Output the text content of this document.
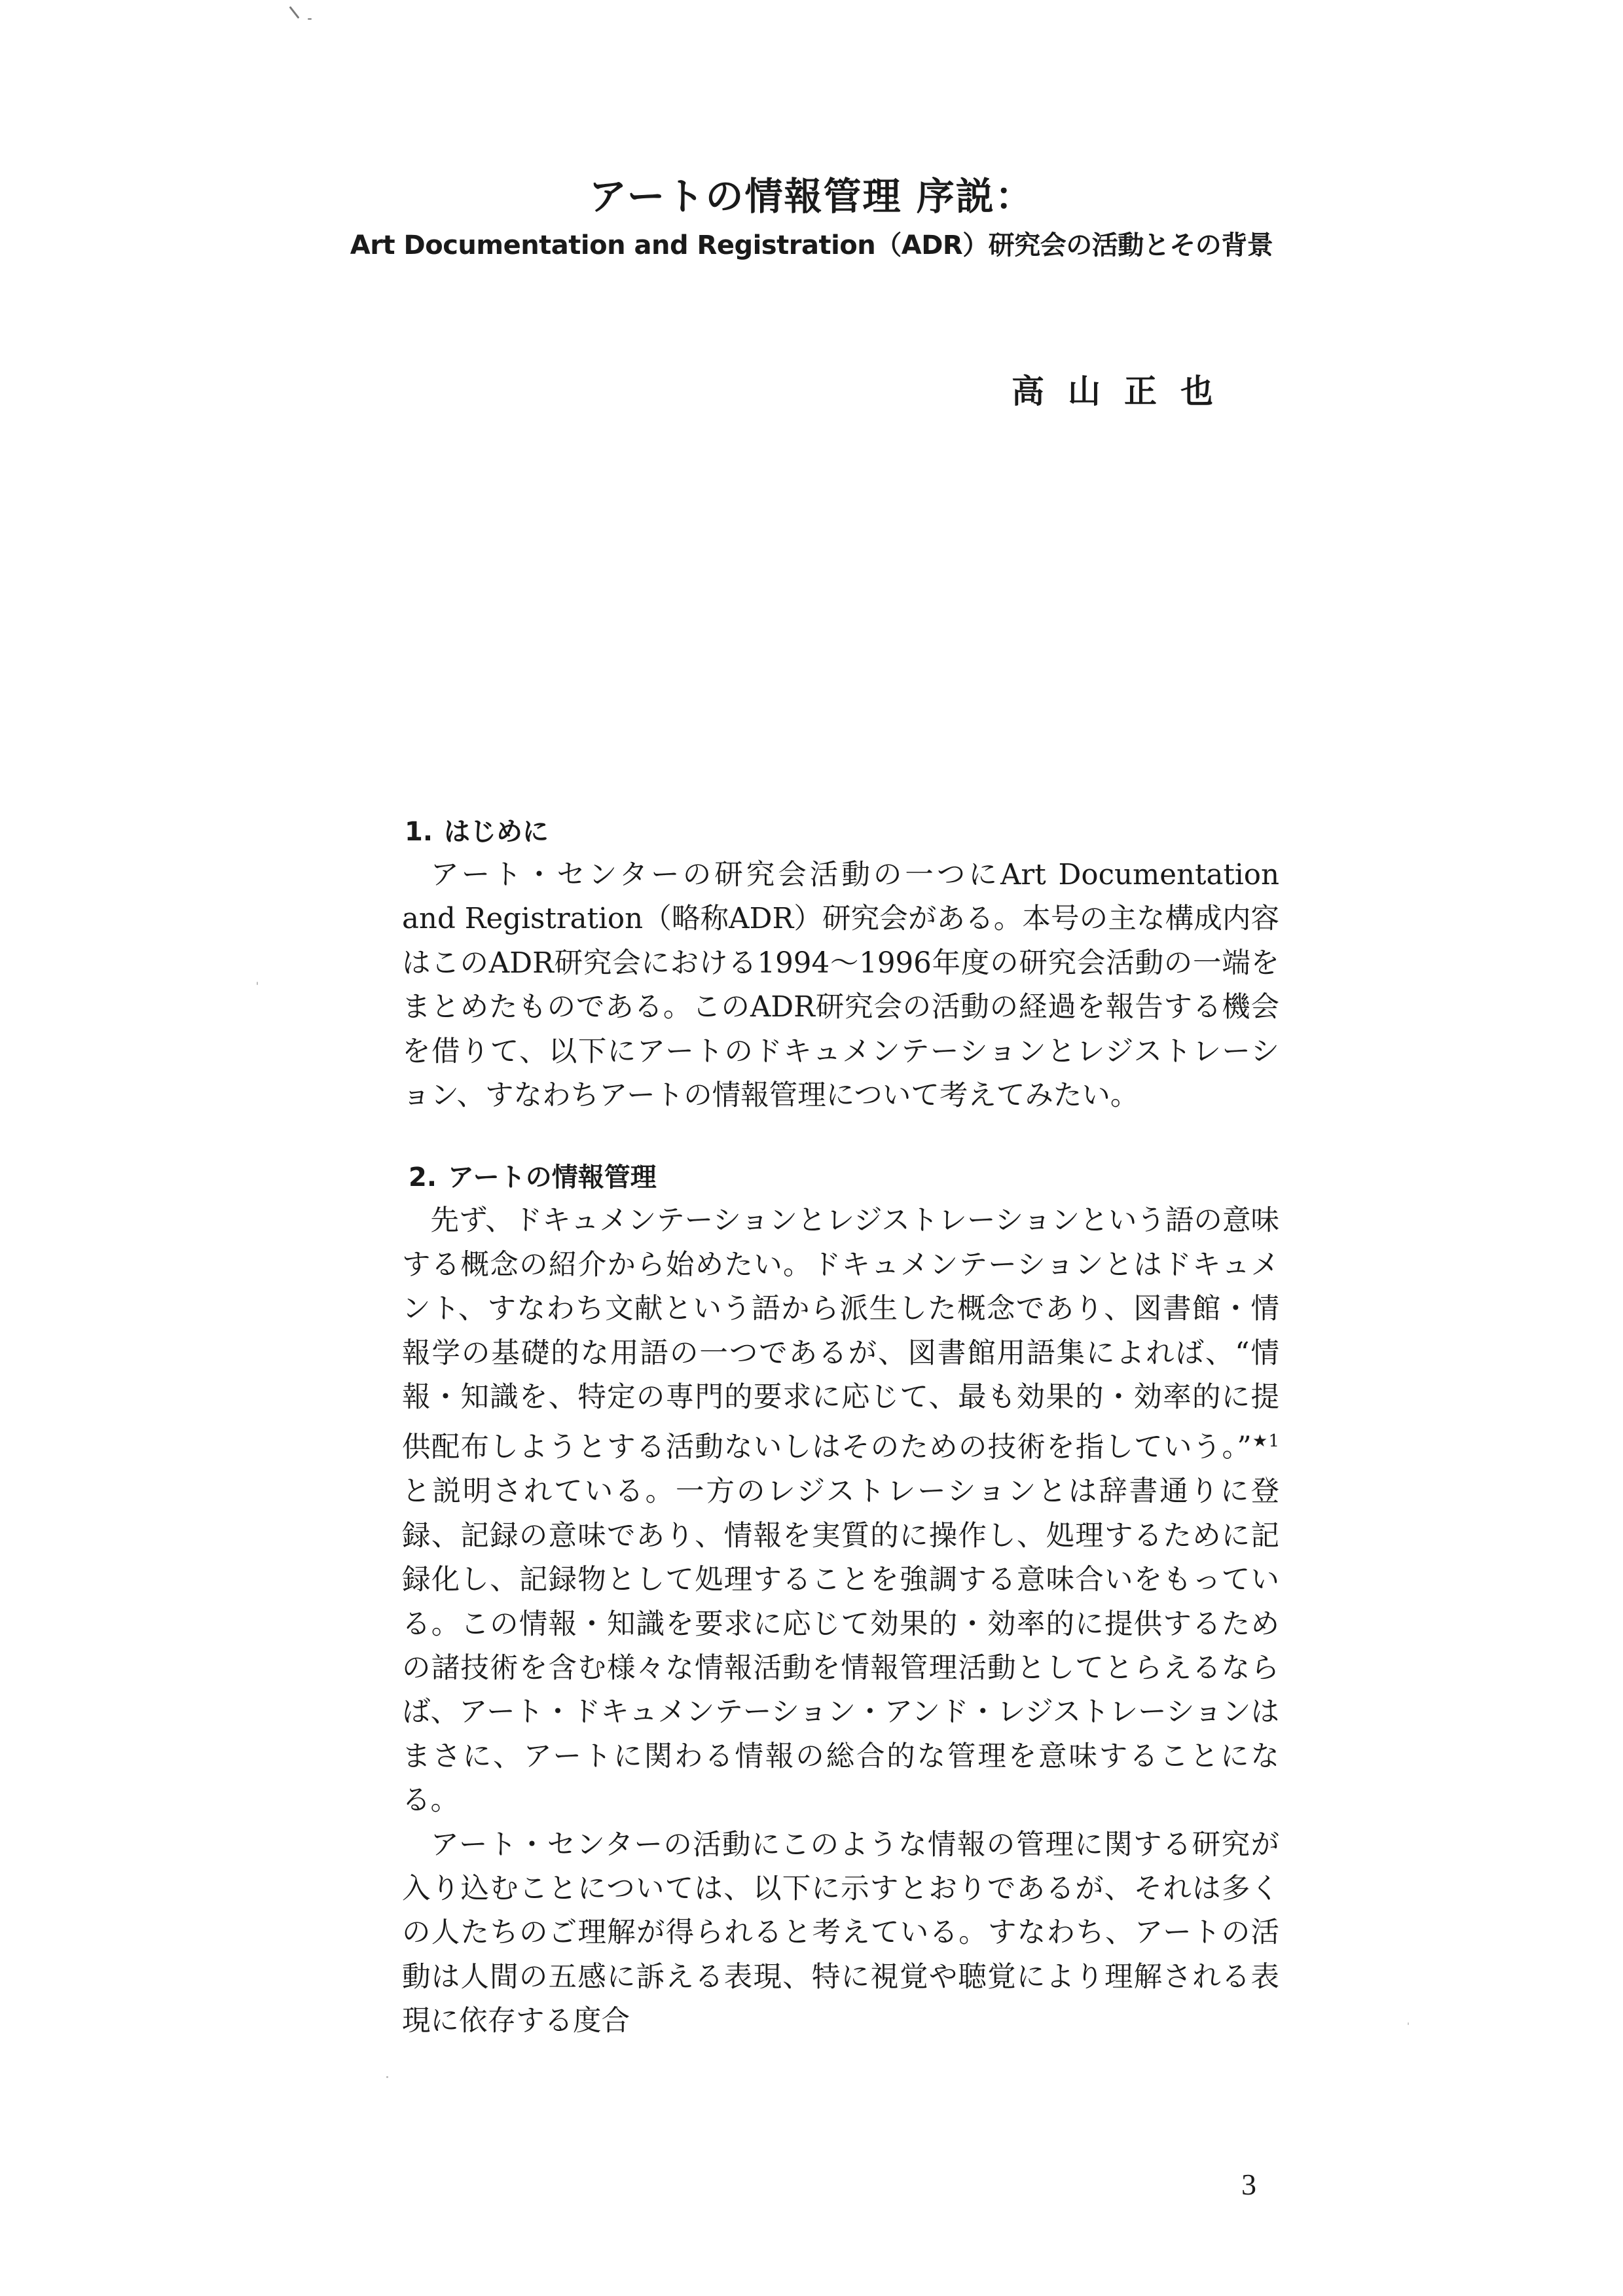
アートの情報管理 序説：

Art Documentation and Registration（ADR）研究会の活動とその背景

高山正也
1. はじめに

アート・センターの研究会活動の一つにArt Documentation and Registration（略称ADR）研究会がある。本号の主な構成内容はこのADR研究会における1994〜1996年度の研究会活動の一端をまとめたものである。このADR研究会の活動の経過を報告する機会を借りて、以下にアートのドキュメンテーションとレジストレーション、すなわちアートの情報管理について考えてみたい。

2. アートの情報管理

先ず、ドキュメンテーションとレジストレーションという語の意味する概念の紹介から始めたい。ドキュメンテーションとはドキュメント、すなわち文献という語から派生した概念であり、図書館・情報学の基礎的な用語の一つであるが、図書館用語集によれば、“情報・知識を、特定の専門的要求に応じて、最も効果的・効率的に提供配布しようとする活動ないしはそのための技術を指していう。”$^{★1}$と説明されている。一方のレジストレーションとは辞書通りに登録、記録の意味であり、情報を実質的に操作し、処理するために記録化し、記録物として処理することを強調する意味合いをもっている。この情報・知識を要求に応じて効果的・効率的に提供するための諸技術を含む様々な情報活動を情報管理活動としてとらえるならば、アート・ドキュメンテーション・アンド・レジストレーションはまさに、アートに関わる情報の総合的な管理を意味することになる。

アート・センターの活動にこのような情報の管理に関する研究が入り込むことについては、以下に示すとおりであるが、それは多くの人たちのご理解が得られると考えている。すなわち、アートの活動は人間の五感に訴える表現、特に視覚や聴覚により理解される表現に依存する度合

3
